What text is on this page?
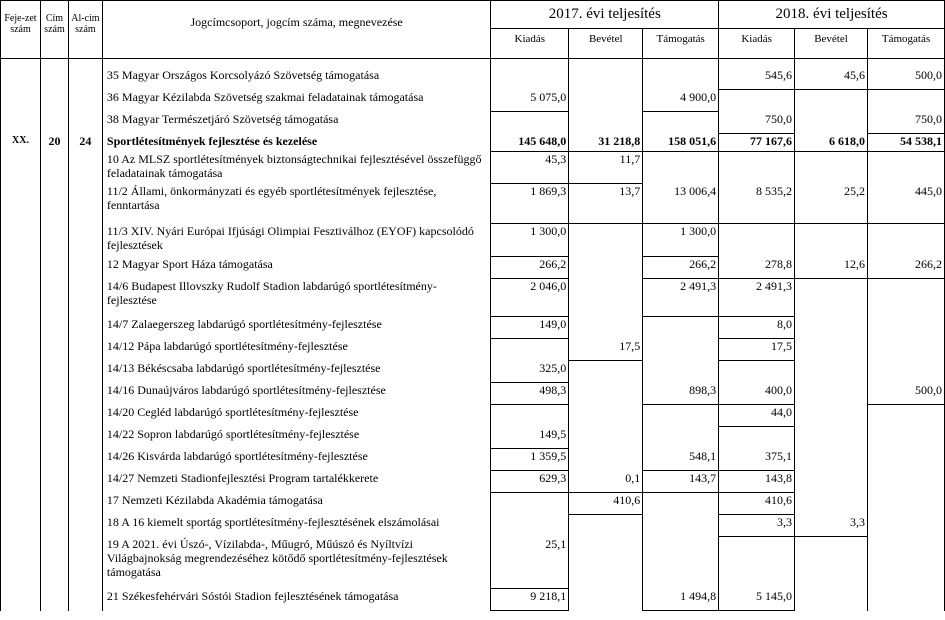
Feje-zet szám	Cím szám	Al-cím szám	Jogcímcsoport, jogcím száma, megnevezése	2017. évi teljesítés			2018. évi teljesítés		
				Kiadás	Bevétel	Támogatás	Kiadás	Bevétel	Támogatás

			35 Magyar Országos Korcsolyázó Szövetség támogatása				545,6	45,6	500,0
			36 Magyar Kézilabda Szövetség szakmai feladatainak támogatása	5 075,0		4 900,0			
			38 Magyar Természetjáró Szövetség támogatása				750,0		750,0
XX.	20	24	Sportlétesítmények fejlesztése és kezelése	145 648,0	31 218,8	158 051,6	77 167,6	6 618,0	54 538,1
			10 Az MLSZ sportlétesítmények biztonságtechnikai fejlesztésével összefüggő feladatainak támogatása	45,3	11,7				
			11/2 Állami, önkormányzati és egyéb sportlétesítmények fejlesztése, fenntartása	1 869,3	13,7	13 006,4	8 535,2	25,2	445,0
			11/3 XIV. Nyári Európai Ifjúsági Olimpiai Fesztiválhoz (EYOF) kapcsolódó fejlesztések	1 300,0		1 300,0			
			12 Magyar Sport Háza támogatása	266,2		266,2	278,8	12,6	266,2
			14/6 Budapest Illovszky Rudolf Stadion labdarúgó sportlétesítmény-fejlesztése	2 046,0		2 491,3	2 491,3		
			14/7 Zalaegerszeg labdarúgó sportlétesítmény-fejlesztése	149,0			8,0		
			14/12 Pápa labdarúgó sportlétesítmény-fejlesztése		17,5		17,5		
			14/13 Békéscsaba labdarúgó sportlétesítmény-fejlesztése	325,0					
			14/16 Dunaújváros labdarúgó sportlétesítmény-fejlesztése	498,3		898,3	400,0		500,0
			14/20 Cegléd labdarúgó sportlétesítmény-fejlesztése				44,0		
			14/22 Sopron labdarúgó sportlétesítmény-fejlesztése	149,5					
			14/26 Kisvárda labdarúgó sportlétesítmény-fejlesztése	1 359,5		548,1	375,1		
			14/27 Nemzeti Stadionfejlesztési Program tartalékkerete	629,3	0,1	143,7	143,8		
			17 Nemzeti Kézilabda Akadémia támogatása		410,6		410,6		
			18 A 16 kiemelt sportág sportlétesítmény-fejlesztésének elszámolásai				3,3	3,3	
			19 A 2021. évi Úszó-, Vízilabda-, Műugró, Műúszó és Nyíltvízi Világbajnokság megrendezéséhez kötődő sportlétesítmény-fejlesztések támogatása	25,1					
			21 Székesfehérvári Sóstói Stadion fejlesztésének támogatása	9 218,1		1 494,8	5 145,0		
